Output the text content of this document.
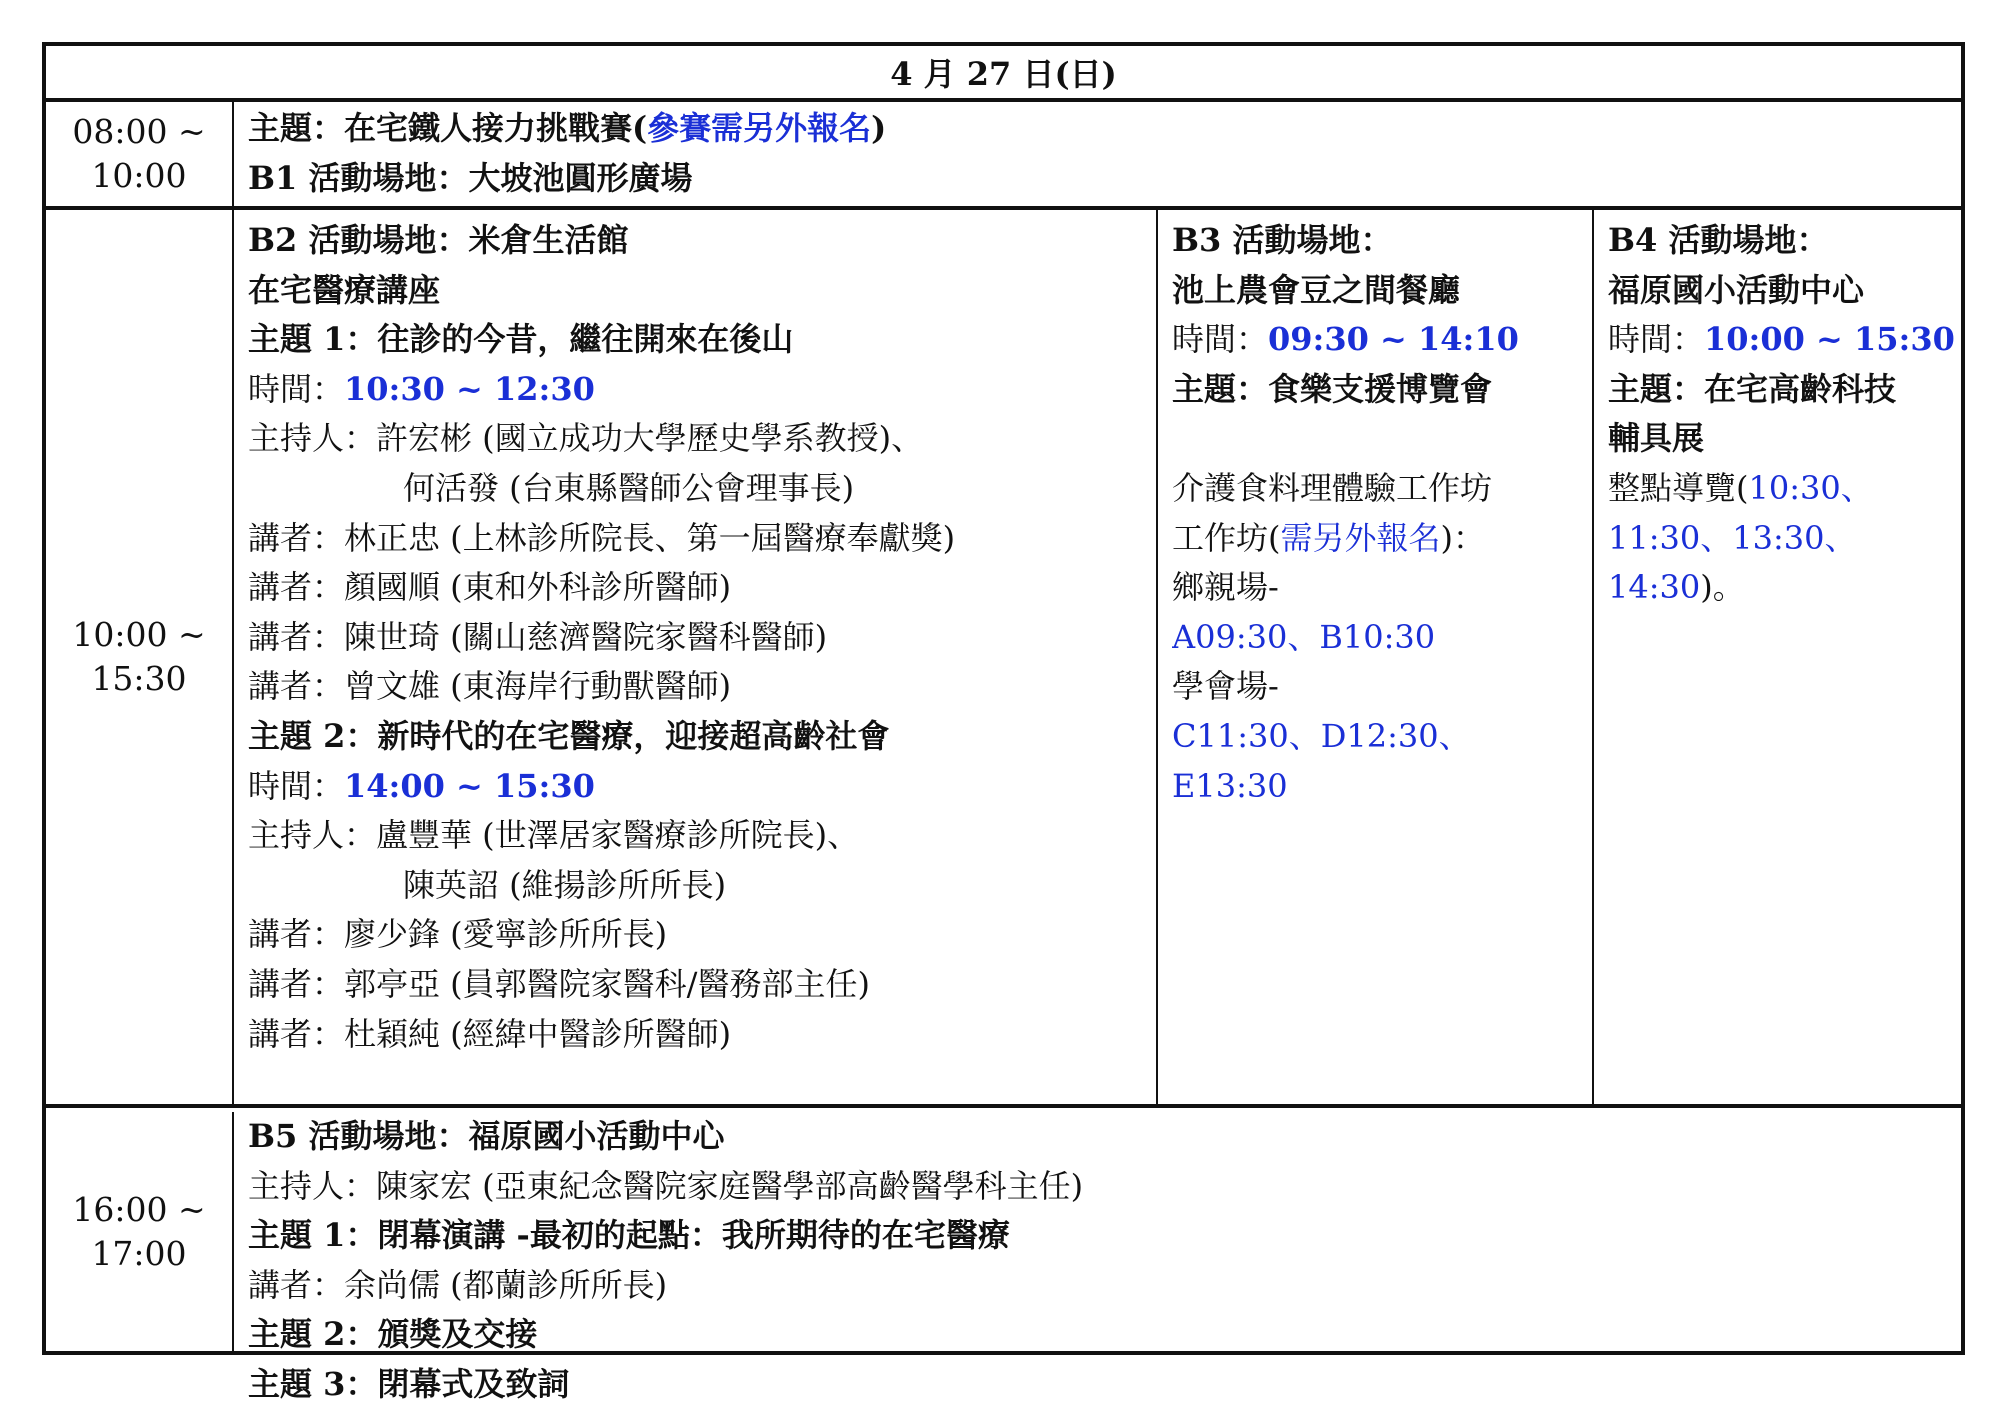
4 月 27 日(日)
08:00 ~
10:00
主題：在宅鐵人接力挑戰賽(參賽需另外報名)
B1 活動場地：大坡池圓形廣場
10:00 ~
15:30
B2 活動場地：米倉生活館
在宅醫療講座
主題 1：往診的今昔，繼往開來在後山
時間：10:30 ~ 12:30
主持人：許宏彬 (國立成功大學歷史學系教授)、
何活發 (台東縣醫師公會理事長)
講者：林正忠 (上林診所院長、第一屆醫療奉獻獎)
講者：顏國順 (東和外科診所醫師)
講者：陳世琦 (關山慈濟醫院家醫科醫師)
講者：曾文雄 (東海岸行動獸醫師)
主題 2：新時代的在宅醫療，迎接超高齡社會
時間：14:00 ~ 15:30
主持人：盧豐華 (世澤居家醫療診所院長)、
陳英詔 (維揚診所所長)
講者：廖少鋒 (愛寧診所所長)
講者：郭亭亞 (員郭醫院家醫科/醫務部主任)
講者：杜穎純 (經緯中醫診所醫師)
B3 活動場地：
池上農會豆之間餐廳
時間：09:30 ~ 14:10
主題：食樂支援博覽會
介護食料理體驗工作坊
工作坊(需另外報名)：
鄉親場-
A09:30、B10:30
學會場-
C11:30、D12:30、
E13:30
B4 活動場地：
福原國小活動中心
時間：10:00 ~ 15:30
主題：在宅高齡科技
輔具展
整點導覽(10:30、
11:30、13:30、
14:30)。
16:00 ~
17:00
B5 活動場地：福原國小活動中心
主持人：陳家宏 (亞東紀念醫院家庭醫學部高齡醫學科主任)
主題 1：閉幕演講 -最初的起點：我所期待的在宅醫療
講者：余尚儒 (都蘭診所所長)
主題 2：頒獎及交接
主題 3：閉幕式及致詞
